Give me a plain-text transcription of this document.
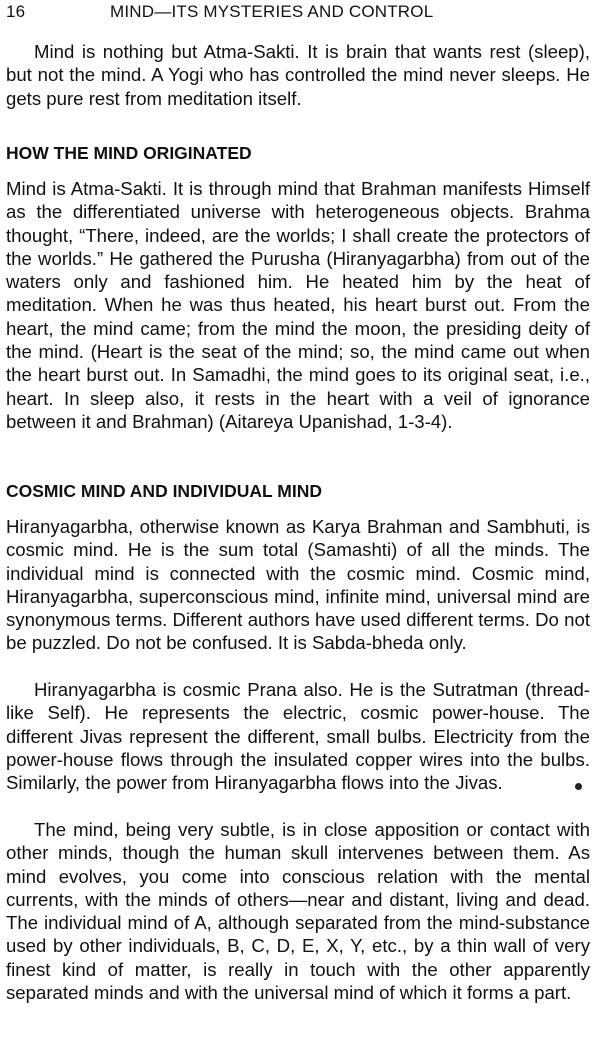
16	MIND—ITS MYSTERIES AND CONTROL

Mind is nothing but Atma-Sakti. It is brain that wants rest (sleep), but not the mind. A Yogi who has controlled the mind never sleeps. He gets pure rest from meditation itself.

HOW THE MIND ORIGINATED

Mind is Atma-Sakti. It is through mind that Brahman manifests Himself as the differentiated universe with heterogeneous objects. Brahma thought, “There, indeed, are the worlds; I shall create the protectors of the worlds.” He gathered the Purusha (Hiranyagarbha) from out of the waters only and fashioned him. He heated him by the heat of meditation. When he was thus heated, his heart burst out. From the heart, the mind came; from the mind the moon, the presiding deity of the mind. (Heart is the seat of the mind; so, the mind came out when the heart burst out. In Samadhi, the mind goes to its original seat, i.e., heart. In sleep also, it rests in the heart with a veil of ignorance between it and Brahman) (Aitareya Upanishad, 1-3-4).

COSMIC MIND AND INDIVIDUAL MIND

Hiranyagarbha, otherwise known as Karya Brahman and Sambhuti, is cosmic mind. He is the sum total (Samashti) of all the minds. The individual mind is connected with the cosmic mind. Cosmic mind, Hiranyagarbha, superconscious mind, infinite mind, universal mind are synonymous terms. Different authors have used different terms. Do not be puzzled. Do not be confused. It is Sabda-bheda only.

Hiranyagarbha is cosmic Prana also. He is the Sutratman (thread-like Self). He represents the electric, cosmic power-house. The different Jivas represent the different, small bulbs. Electricity from the power-house flows through the insulated copper wires into the bulbs. Similarly, the power from Hiranyagarbha flows into the Jivas.

The mind, being very subtle, is in close apposition or contact with other minds, though the human skull intervenes between them. As mind evolves, you come into conscious relation with the mental currents, with the minds of others—near and distant, living and dead. The individual mind of A, although separated from the mind-substance used by other individuals, B, C, D, E, X, Y, etc., by a thin wall of very finest kind of matter, is really in touch with the other apparently separated minds and with the universal mind of which it forms a part.
